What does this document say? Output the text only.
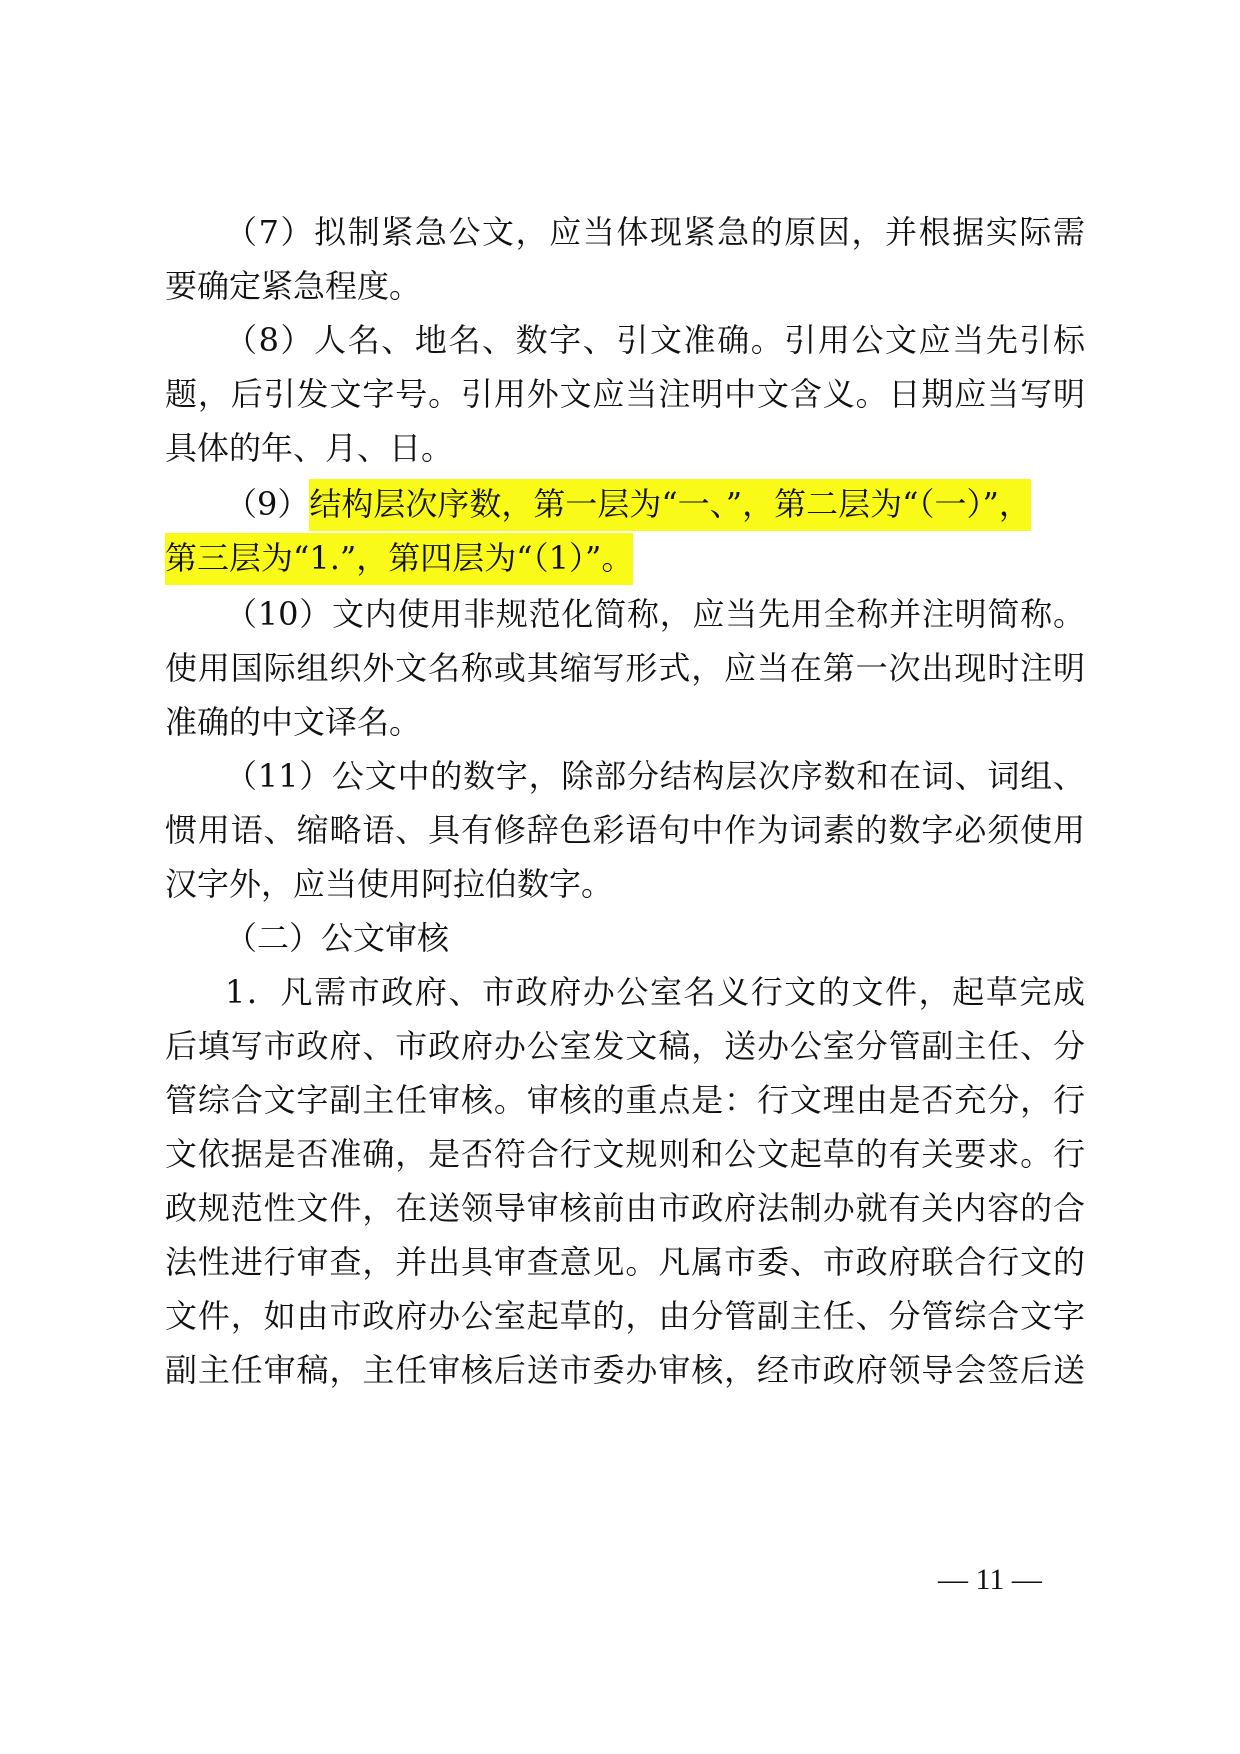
（7）拟制紧急公文，应当体现紧急的原因，并根据实际需
要确定紧急程度。
（8）人名、地名、数字、引文准确。引用公文应当先引标
题，后引发文字号。引用外文应当注明中文含义。日期应当写明
具体的年、月、日。
（9）结构层次序数，第一层为“一、”，第二层为“（一）”，
第三层为“1.”，第四层为“（1）”。
（10）文内使用非规范化简称，应当先用全称并注明简称。
使用国际组织外文名称或其缩写形式，应当在第一次出现时注明
准确的中文译名。
（11）公文中的数字，除部分结构层次序数和在词、词组、
惯用语、缩略语、具有修辞色彩语句中作为词素的数字必须使用
汉字外，应当使用阿拉伯数字。
（二）公文审核
1．凡需市政府、市政府办公室名义行文的文件，起草完成
后填写市政府、市政府办公室发文稿，送办公室分管副主任、分
管综合文字副主任审核。审核的重点是：行文理由是否充分，行
文依据是否准确，是否符合行文规则和公文起草的有关要求。行
政规范性文件，在送领导审核前由市政府法制办就有关内容的合
法性进行审查，并出具审查意见。凡属市委、市政府联合行文的
文件，如由市政府办公室起草的，由分管副主任、分管综合文字
副主任审稿，主任审核后送市委办审核，经市政府领导会签后送
— 11 —
